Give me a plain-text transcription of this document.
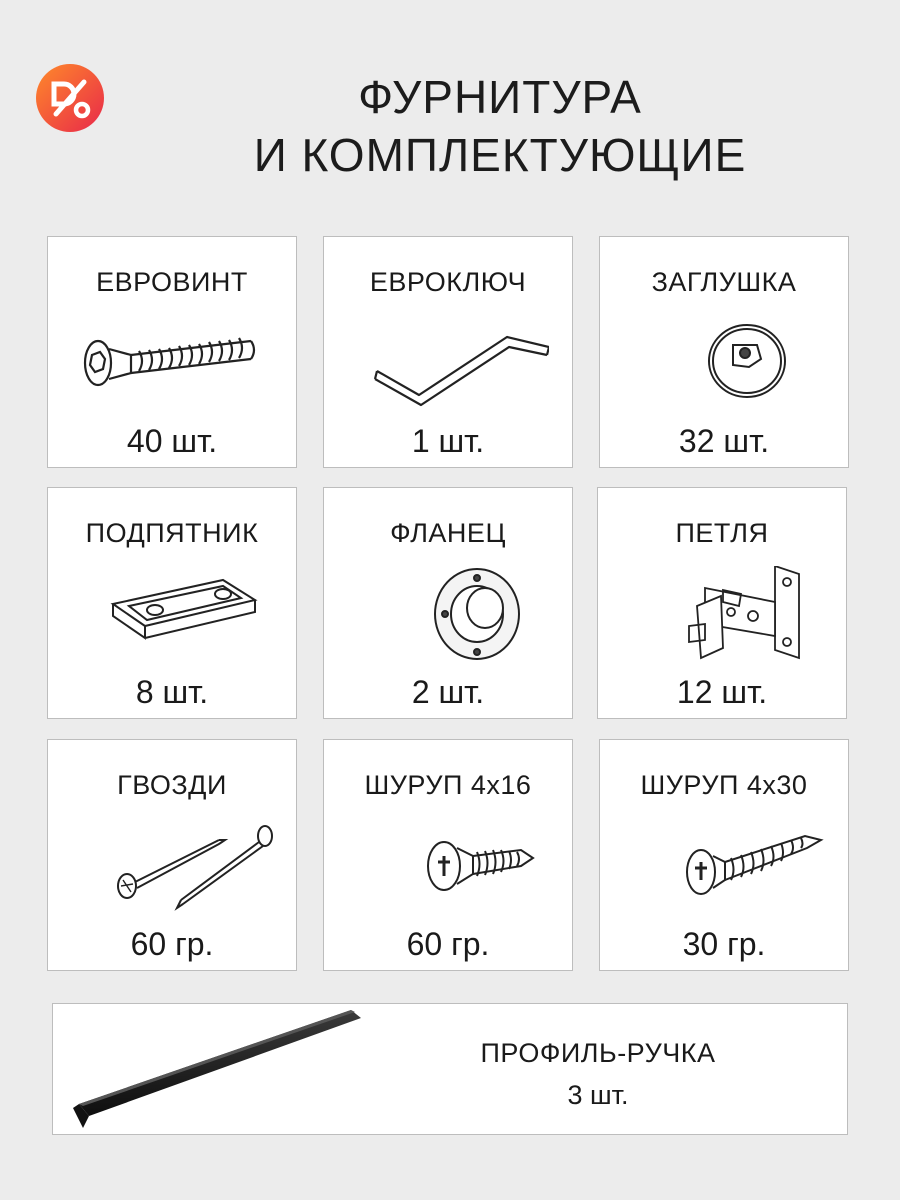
ФУРНИТУРА
И КОМПЛЕКТУЮЩИЕ
ЕВРОВИНТ
40 шт.
ЕВРОКЛЮЧ
1 шт.
ЗАГЛУШКА
32 шт.
ПОДПЯТНИК
8 шт.
ФЛАНЕЦ
2 шт.
ПЕТЛЯ
12 шт.
ГВОЗДИ
60 гр.
ШУРУП 4x16
60 гр.
ШУРУП 4x30
30 гр.
ПРОФИЛЬ-РУЧКА
3 шт.
